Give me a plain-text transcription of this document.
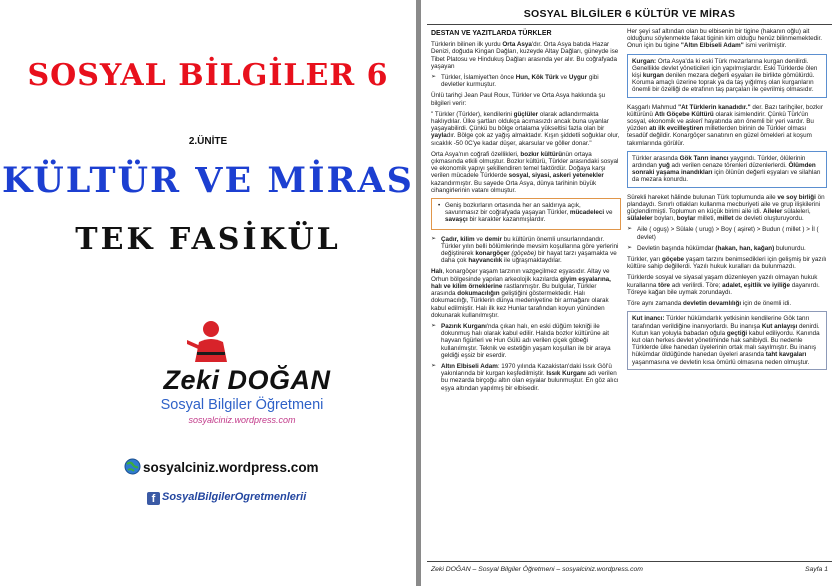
SOSYAL BİLGİLER 6
2.ÜNİTE
KÜLTÜR VE MİRAS
TEK FASİKÜL
Zeki DOĞAN
Sosyal Bilgiler Öğretmeni
sosyalciniz.wordpress.com
sosyalciniz.wordpress.com
f SosyalBilgilerOgretmenlerii
SOSYAL BİLGİLER 6 KÜLTÜR VE MİRAS
DESTAN VE YAZITLARDA TÜRKLER

Türklerin bilinen ilk yurdu Orta Asya'dır. Orta Asya batıda Hazar Denizi, doğuda Kingan Dağları, kuzeyde Altay Dağları, güneyde ise Tibet Platosu ve Hindukuş Dağları arasında yer alır. Bu coğrafyada yaşayan

➢ Türkler, İslamiyet'ten önce Hun, Kök Türk ve Uygur gibi devletler kurmuştur.

Ünlü tarihçi Jean Paul Roux, Türkler ve Orta Asya hakkında şu bilgileri verir:

" Türkler (Türkler), kendilerini güçlüler olarak adlandırmakta haklıydılar. Ülke şartları oldukça acımasızdı ancak buna uyanlar yaşayabilirdi. Çünkü bu bölge ortalama yükseltisi fazla olan bir yayladır. Bölge çok az yağış almaktadır. Kışın şiddetli soğuklar olur, sıcaklık -50 0C'ye kadar düşer, akarsular ve göller donar."

Orta Asya'nın coğrafi özellikleri, bozkır kültürünün ortaya çıkmasında etkili olmuştur. Bozkır kültürü, Türkler arasındaki sosyal ve ekonomik yapıyı şekillendiren temel faktördür. Doğaya karşı verilen mücadele Türklerde sosyal, siyasi, askeri yetenekler kazandırmıştır. Bu sayede Orta Asya, dünya tarihinin büyük cihangirlerinin vatanı olmuştur.

• Geniş bozkırların ortasında her an saldırıya açık, savunmasız bir coğrafyada yaşayan Türkler, mücadeleci ve savaşçı bir karakter kazanmışlardır.
➢ Çadır, kilim ve demir bu kültürün önemli unsurlarındandır. Türkler yılın belli bölümlerinde mevsim koşullarına göre yerlerini değiştirerek konargöçer (göçebe) bir hayat tarzı yaşamakta ve daha çok hayvancılık ile uğraşmaktaydılar.

Halı, konargöçer yaşam tarzının vazgeçilmez eşyasıdır. Altay ve Orhun bölgesinde yapılan arkeolojik kazılarda giyim eşyalarına, halı ve kilim örneklerine rastlanmıştır. Bu bulgular, Türkler arasında dokumacılığın geliştiğini göstermektedir. Halı dokumacılığı, Türklerin dünya medeniyetine bir armağanı olarak kabul edilmiştir. Halı ilk kez Hunlar tarafından koyun yününden dokunarak kullanılmıştır.

➢ Pazırık Kurganı'nda çıkan halı, en eski düğüm tekniği ile dokunmuş halı olarak kabul edilir. Halıda bozkır kültürüne ait hayvan figürleri ve Hun Gülü adı verilen çiçek göbeği kullanılmıştır. Teknik ve estetiğin yaşam koşulları ile bir araya geldiği eşsiz bir eserdir.
➢ Altın Elbiseli Adam: 1970 yılında Kazakistan'daki Issık Göl'ü yakınlarında bir kurgan keşfedilmiştir. Issık Kurganı adı verilen bu mezarda birçoğu altın olan eşyalar bulunmuştur. En göz alıcı eşya altından yapılmış bir elbisedir.

Her şeyi saf altından olan bu elbisenin bir tigine (hakanın oğlu) ait olduğunu söylenmekte fakat tiginin kim olduğu henüz bilinmemektedir. Onun için bu tigine "Altın Elbiseli Adam" ismi verilmiştir.

Kurgan: Orta Asya'da ki eski Türk mezarlarına kurgan denilirdi. Genellikle devlet yöneticileri için yapılmışlardır. Eski Türklerde ölen kişi kurgan denilen mezara değerli eşyaları ile birlikte gömülürdü. Koruma amaçlı üzerine toprak ya da taş yığılmış olan kurganların önemli bir özelliği de etrafının taş parçaları ile çevrilmiş olmasıdır.

Kaşgarlı Mahmud "At Türklerin kanadıdır." der. Bazı tarihçiler, bozkır kültürünü Atlı Göçebe Kültürü olarak isimlendirir. Çünkü Türk'ün sosyal, ekonomik ve askerî hayatında atın önemli bir yeri vardır. Bu yüzden atı ilk evcilleştiren milletlerden birinin de Türkler olması tesadüf değildir. Konargöçer sanatının en güzel örnekleri at koşum takımlarında görülür.

Türkler arasında Gök Tanrı inancı yaygındı. Türkler, ölülerinin ardından yuğ adı verilen cenaze törenleri düzenlerlerdi. Ölümden sonraki yaşama inandıkları için ölünün değerli eşyaları ve silahları da mezara konurdu.

Sürekli hareket hâlinde bulunan Türk toplumunda aile ve soy birliği ön plandaydı. Sınırlı otlakları kullanma mecburiyeti aile ve grup ilişkilerini güçlendirmişti. Toplumun en küçük birimi aile idi. Aileler sülaleleri, sülaleler boyları, boylar milleti, millet de devleti oluşturuyordu.

➢ Aile ( oguş) > Sülale ( urug) > Boy ( aşiret) > Budun ( millet ) > İl ( devlet)
➢ Devletin başında hükümdar (hakan, han, kağan) bulunurdu.

Türkler, yarı göçebe yaşam tarzını benimsedikleri için gelişmiş bir yazılı kültüre sahip değillerdi. Yazılı hukuk kuralları da bulunmazdı.

Türklerde sosyal ve siyasal yaşam düzenleyen yazılı olmayan hukuk kurallarına töre adı verilirdi. Töre; adalet, eşitlik ve iyiliğe dayanırdı. Töreye kağan bile uymak zorundaydı.

Töre aynı zamanda devletin devamlılığı için de önemli idi.

Kut inancı: Türkler hükümdarlık yetkisinin kendilerine Gök tanrı tarafından verildiğine inanıyorlardı. Bu inanışa Kut anlayışı denirdi. Kutun kan yoluyla babadan oğula geçtiği kabul ediliyordu. Kanında kut olan herkes devlet yönetiminde hak sahibiydi. Bu nedenle Türklerde ülke hanedan üyelerinin ortak malı sayılmıştır. Bu inanış hükümdar öldüğünde hanedan üyeleri arasında taht kavgaları yaşanmasına ve devletin kısa ömürlü olmasına neden olmuştur.
Zeki DOĞAN – Sosyal Bilgiler Öğretmeni – sosyalciniz.wordpress.com	Sayfa 1
